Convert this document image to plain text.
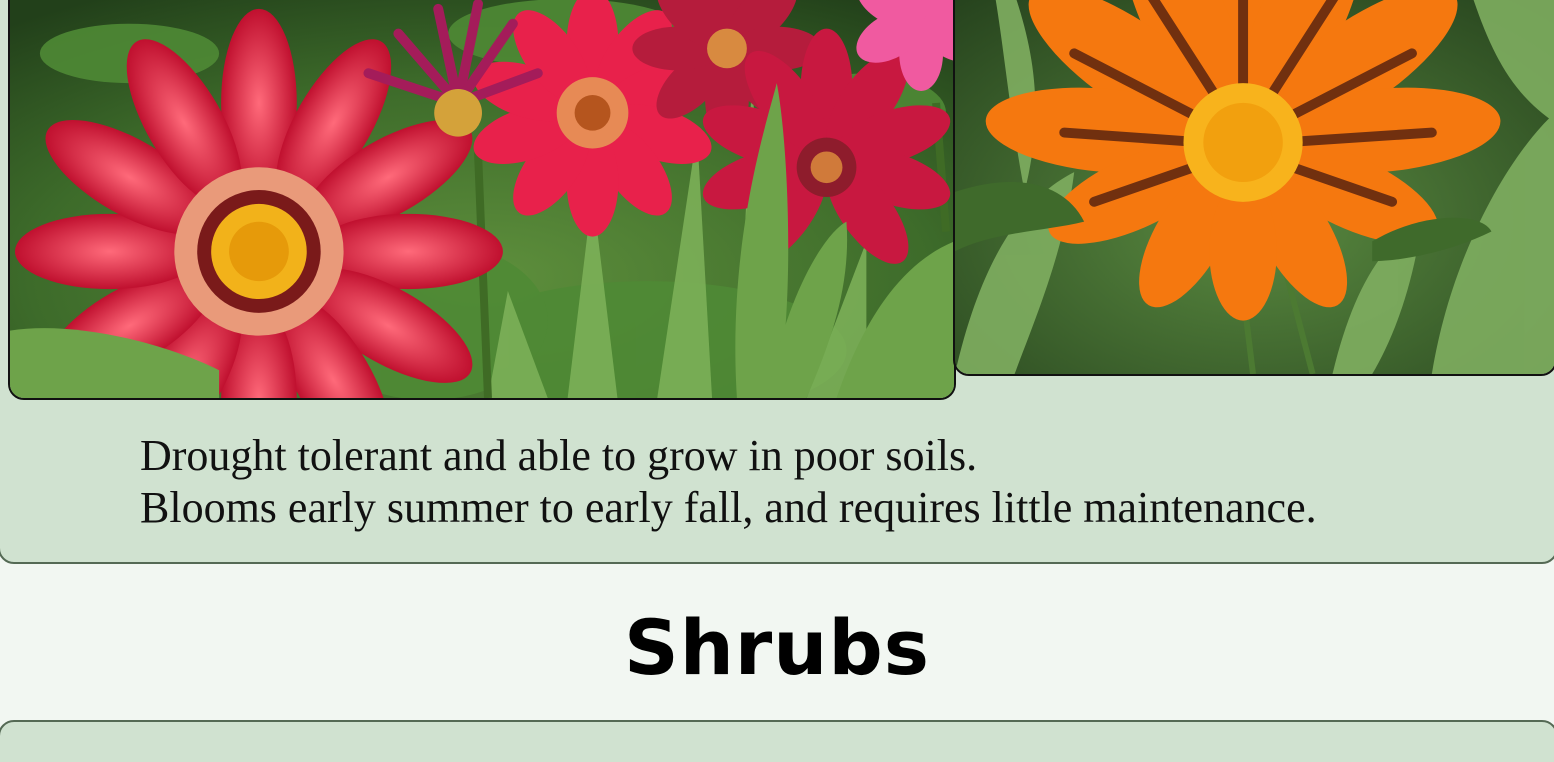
Drought tolerant and able to grow in poor soils.
Blooms early summer to early fall, and requires little maintenance.
Shrubs
